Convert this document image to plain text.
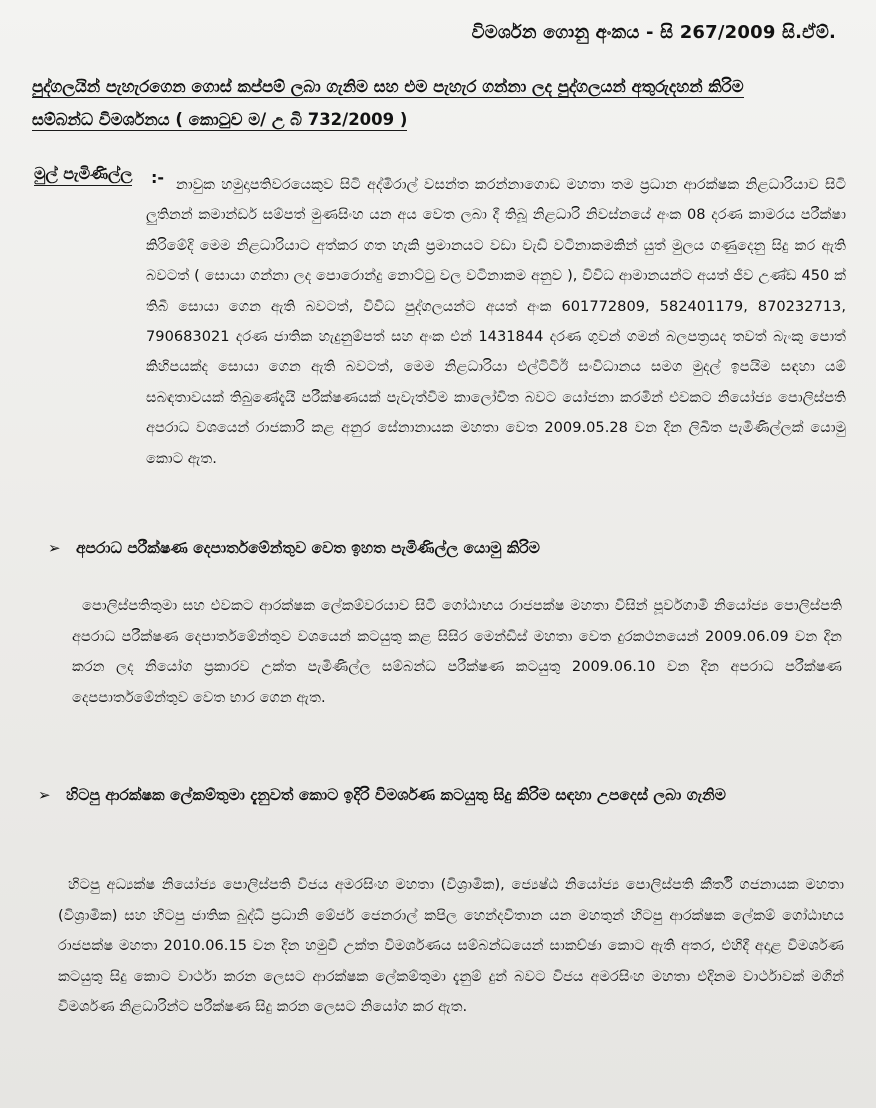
විමර්ශන ගොනු අංකය - සි 267/2009 සි.ඒම්.
පුද්ගලයින් පැහැරගෙන ගොස් කප්පම් ලබා ගැනිම සහ එම පැහැර ගන්නා ලද පුද්ගලයන් අතුරුදහන් කිරිම
සම්බන්ධ විමර්ශනය ( කොටුව ම/ උ බි 732/2009 )
මුල් පැමිණිල්ල :- නාවුක හමුදාපතිවරයෙකුව සිටි අද්මිරාල් වසන්ත කරන්නාගොඩ මහතා තම ප්‍රධාන ආරක්ෂක නිළධාරියාව සිටි ලුතිනන් කමාන්ඩර් සම්පත් මුණසිංහ යන අය වෙත ලබා දී තිබූ නිළධාරි නිවස්නයේ අංක 08 දරණ කාමරය පරීක්ෂා කිරිමේදි මෙම නිළධාරියාට අත්කර ගත හැකි ප්‍රමානයට වඩා වැඩි වටිනාකමකින් යුත් මුලය ගණුදෙනු සිදු කර ඇති බවටත් ( සොයා ගන්නා ලද පොරොන්දු නොට්ටු වල වටිනාකම අනුව ), විවිධ ආමානයන්ට අයත් ජීව උණ්ඩ 450 ක් තිබී සොයා ගෙන ඇති බවටත්, විවිධ පුද්ගලයන්ට අයත් අංක 601772809, 582401179, 870232713, 790683021 දරණ ජාතික හැදුනුම්පත් සහ අංක එන් 1431844 දරණ ගුවන් ගමන් බලපත්‍රයද තවත් බැංකු පොත් කිහිපයක්ද සොයා ගෙන ඇති බවටත්, මෙම නිළධාරියා එල්ටිටිඊ සංවිධානය සමග මුදල් ඉපයිම සඳහා යම් සබඳතාවයක් තිබුණේදැයි පරීක්ෂණයක් පැවැත්විම කාලෝචිත බවට යෝජනා කරමින් එවකට නියෝජ්‍ය පොලිස්පති අපරාධ වශයෙන් රාජකාරි කළ අනුර සේනානායක මහතා වෙත 2009.05.28 වන දින ලිඛිත පැමිණිල්ලක් යොමු කොට ඇත.
➢ අපරාධ පරීක්ෂණ දෙපාර්තමේන්තුව වෙත ඉහත පැමිණිල්ල යොමු කිරිම
පොලිස්පතිතුමා සහ එවකට ආරක්ෂක ලේකම්වරයාව සිටි ගෝඨාභය රාජපක්ෂ මහතා විසින් පූර්වගාමි නියෝජ්‍ය පොලිස්පති අපරාධ පරීක්ෂණ දෙපාර්තමේන්තුව වශයෙන් කටයුතු කළ සිසිර මෙන්ඩිස් මහතා වෙත දුරකථනයෙන් 2009.06.09 වන දින කරන ලද නියෝග ප්‍රකාරව උක්ත පැමිණිල්ල සම්බන්ධ පරීක්ෂණ කටයුතු 2009.06.10 වන දින අපරාධ පරීක්ෂණ දෙපපාර්තමේන්තුව වෙත භාර ගෙන ඇත.
➢ හිටපු ආරක්ෂක ලේකම්තුමා දැනුවත් කොට ඉදිරි විමර්ශණ කටයුතු සිදු කිරිම සඳහා උපදෙස් ලබා ගැනිම
හිටපු අධ්‍යක්ෂ නියෝජ්‍ය පොලිස්පති විජය අමරසිංහ මහතා (විශ්‍රාමික), ජ්‍යෙෂ්ඨ නියෝජ්‍ය පොලිස්පති කීර්ති ගජනායක මහතා (විශ්‍රාමික) සහ හිටපු ජාතික බුද්ධි ප්‍රධානි මේජර් ජෙනරාල් කපිල හෙන්දවිතාන යන මහතුන් හිටපු ආරක්ෂක ලේකම් ගෝඨාභය රාජපක්ෂ මහතා 2010.06.15 වන දින හමුවී උක්ත විමර්ශණය සම්බන්ධයෙන් සාකච්ඡා කොට ඇති අතර, එහිදී අදාළ විමර්ශණ කටයුතු සිදු කොට වාර්ථා කරන ලෙසට ආරක්ෂක ලේකම්තුමා දැනුම් දුන් බවට විජය අමරසිංහ මහතා එදිනම වාර්ථාවක් මගින් විමර්ශණ නිළධාරින්ට පරීක්ෂණ සිදු කරන ලෙසට නියෝග කර ඇත.
